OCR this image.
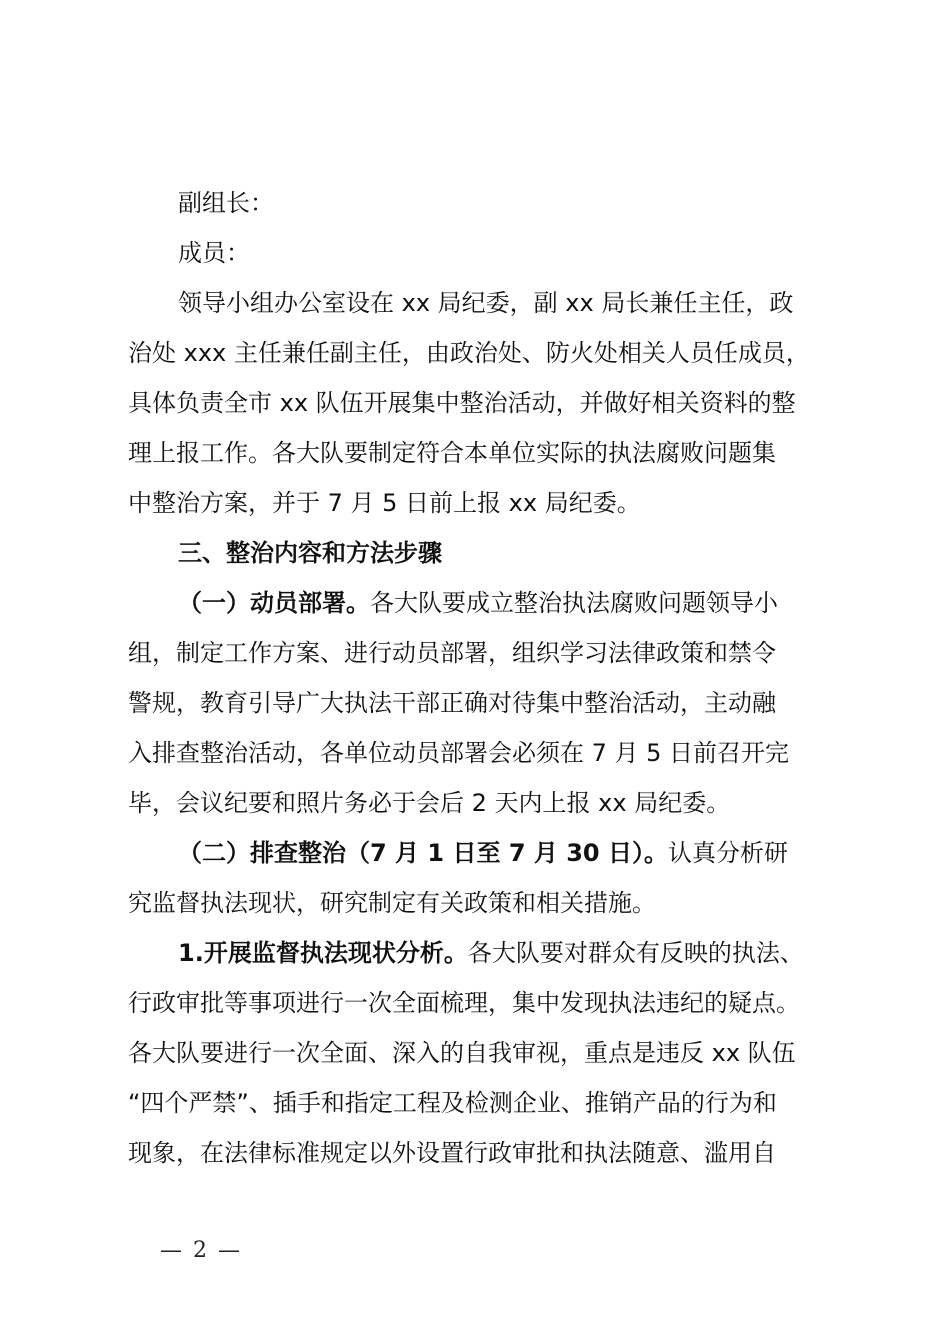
副组长：
成员：
领导小组办公室设在 xx 局纪委，副 xx 局长兼任主任，政
治处 xxx 主任兼任副主任，由政治处、防火处相关人员任成员，
具体负责全市 xx 队伍开展集中整治活动，并做好相关资料的整
理上报工作。各大队要制定符合本单位实际的执法腐败问题集
中整治方案，并于 7 月 5 日前上报 xx 局纪委。
三、整治内容和方法步骤
（一）动员部署。各大队要成立整治执法腐败问题领导小
组，制定工作方案、进行动员部署，组织学习法律政策和禁令
警规，教育引导广大执法干部正确对待集中整治活动，主动融
入排查整治活动，各单位动员部署会必须在 7 月 5 日前召开完
毕，会议纪要和照片务必于会后 2 天内上报 xx 局纪委。
（二）排查整治（7 月 1 日至 7 月 30 日）。认真分析研
究监督执法现状，研究制定有关政策和相关措施。
1.开展监督执法现状分析。各大队要对群众有反映的执法、
行政审批等事项进行一次全面梳理，集中发现执法违纪的疑点。
各大队要进行一次全面、深入的自我审视，重点是违反 xx 队伍
“四个严禁”、插手和指定工程及检测企业、推销产品的行为和
现象，在法律标准规定以外设置行政审批和执法随意、滥用自
— 2 —
